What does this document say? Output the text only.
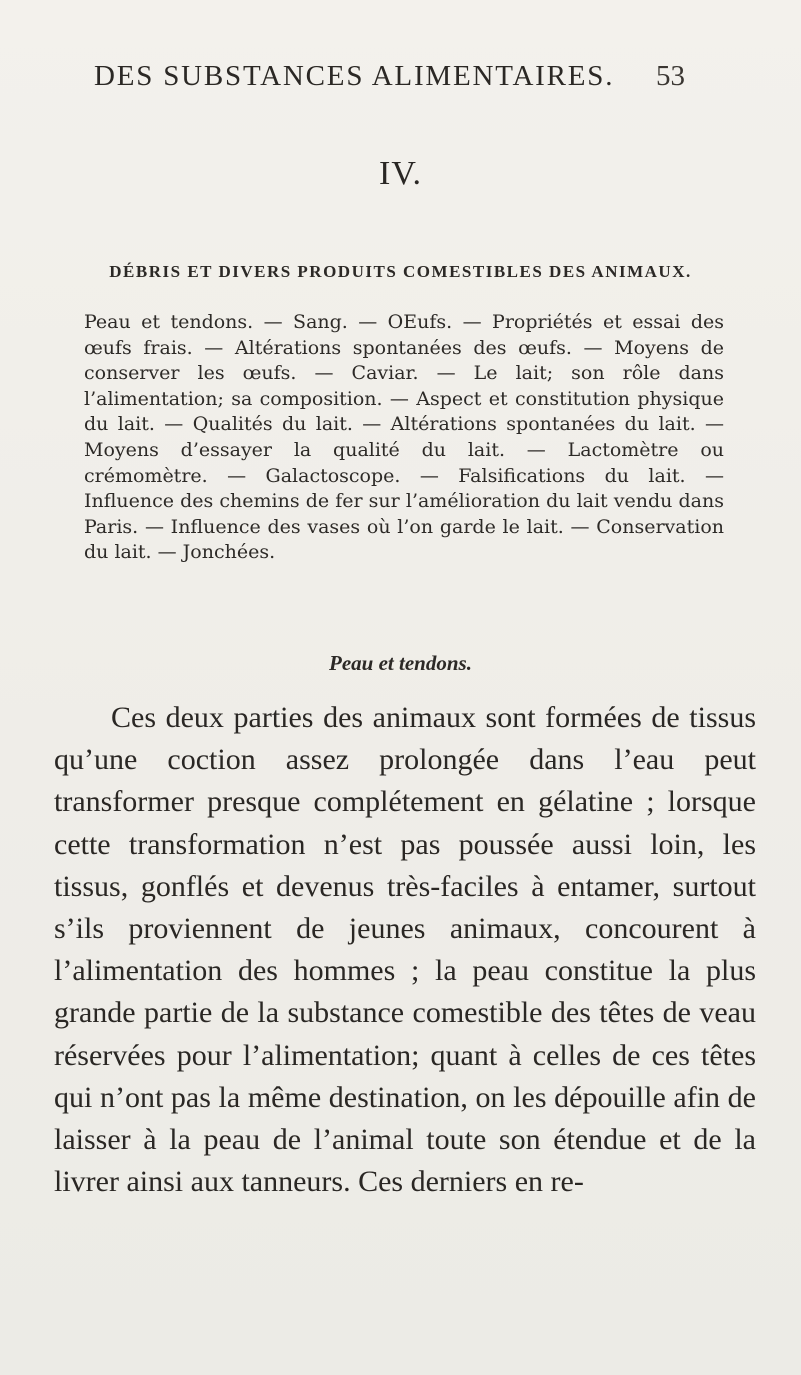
DES SUBSTANCES ALIMENTAIRES. 53
IV.
DÉBRIS ET DIVERS PRODUITS COMESTIBLES DES ANIMAUX.
Peau et tendons. — Sang. — OEufs. — Propriétés et essai des œufs frais. — Altérations spontanées des œufs. — Moyens de conserver les œufs. — Caviar. — Le lait; son rôle dans l’alimentation; sa composition. — Aspect et constitution physique du lait. — Qualités du lait. — Altérations spontanées du lait. — Moyens d’essayer la qualité du lait. — Lactomètre ou crémomètre. — Galactoscope. — Falsifications du lait. — Influence des chemins de fer sur l’amélioration du lait vendu dans Paris. — Influence des vases où l’on garde le lait. — Conservation du lait. — Jonchées.
Peau et tendons.
Ces deux parties des animaux sont formées de tissus qu’une coction assez prolongée dans l’eau peut transformer presque complétement en gélatine ; lorsque cette transformation n’est pas poussée aussi loin, les tissus, gonflés et devenus très-faciles à entamer, surtout s’ils proviennent de jeunes animaux, concourent à l’alimentation des hommes ; la peau constitue la plus grande partie de la substance comestible des têtes de veau réservées pour l’alimentation; quant à celles de ces têtes qui n’ont pas la même destination, on les dépouille afin de laisser à la peau de l’animal toute son étendue et de la livrer ainsi aux tanneurs. Ces derniers en re-
